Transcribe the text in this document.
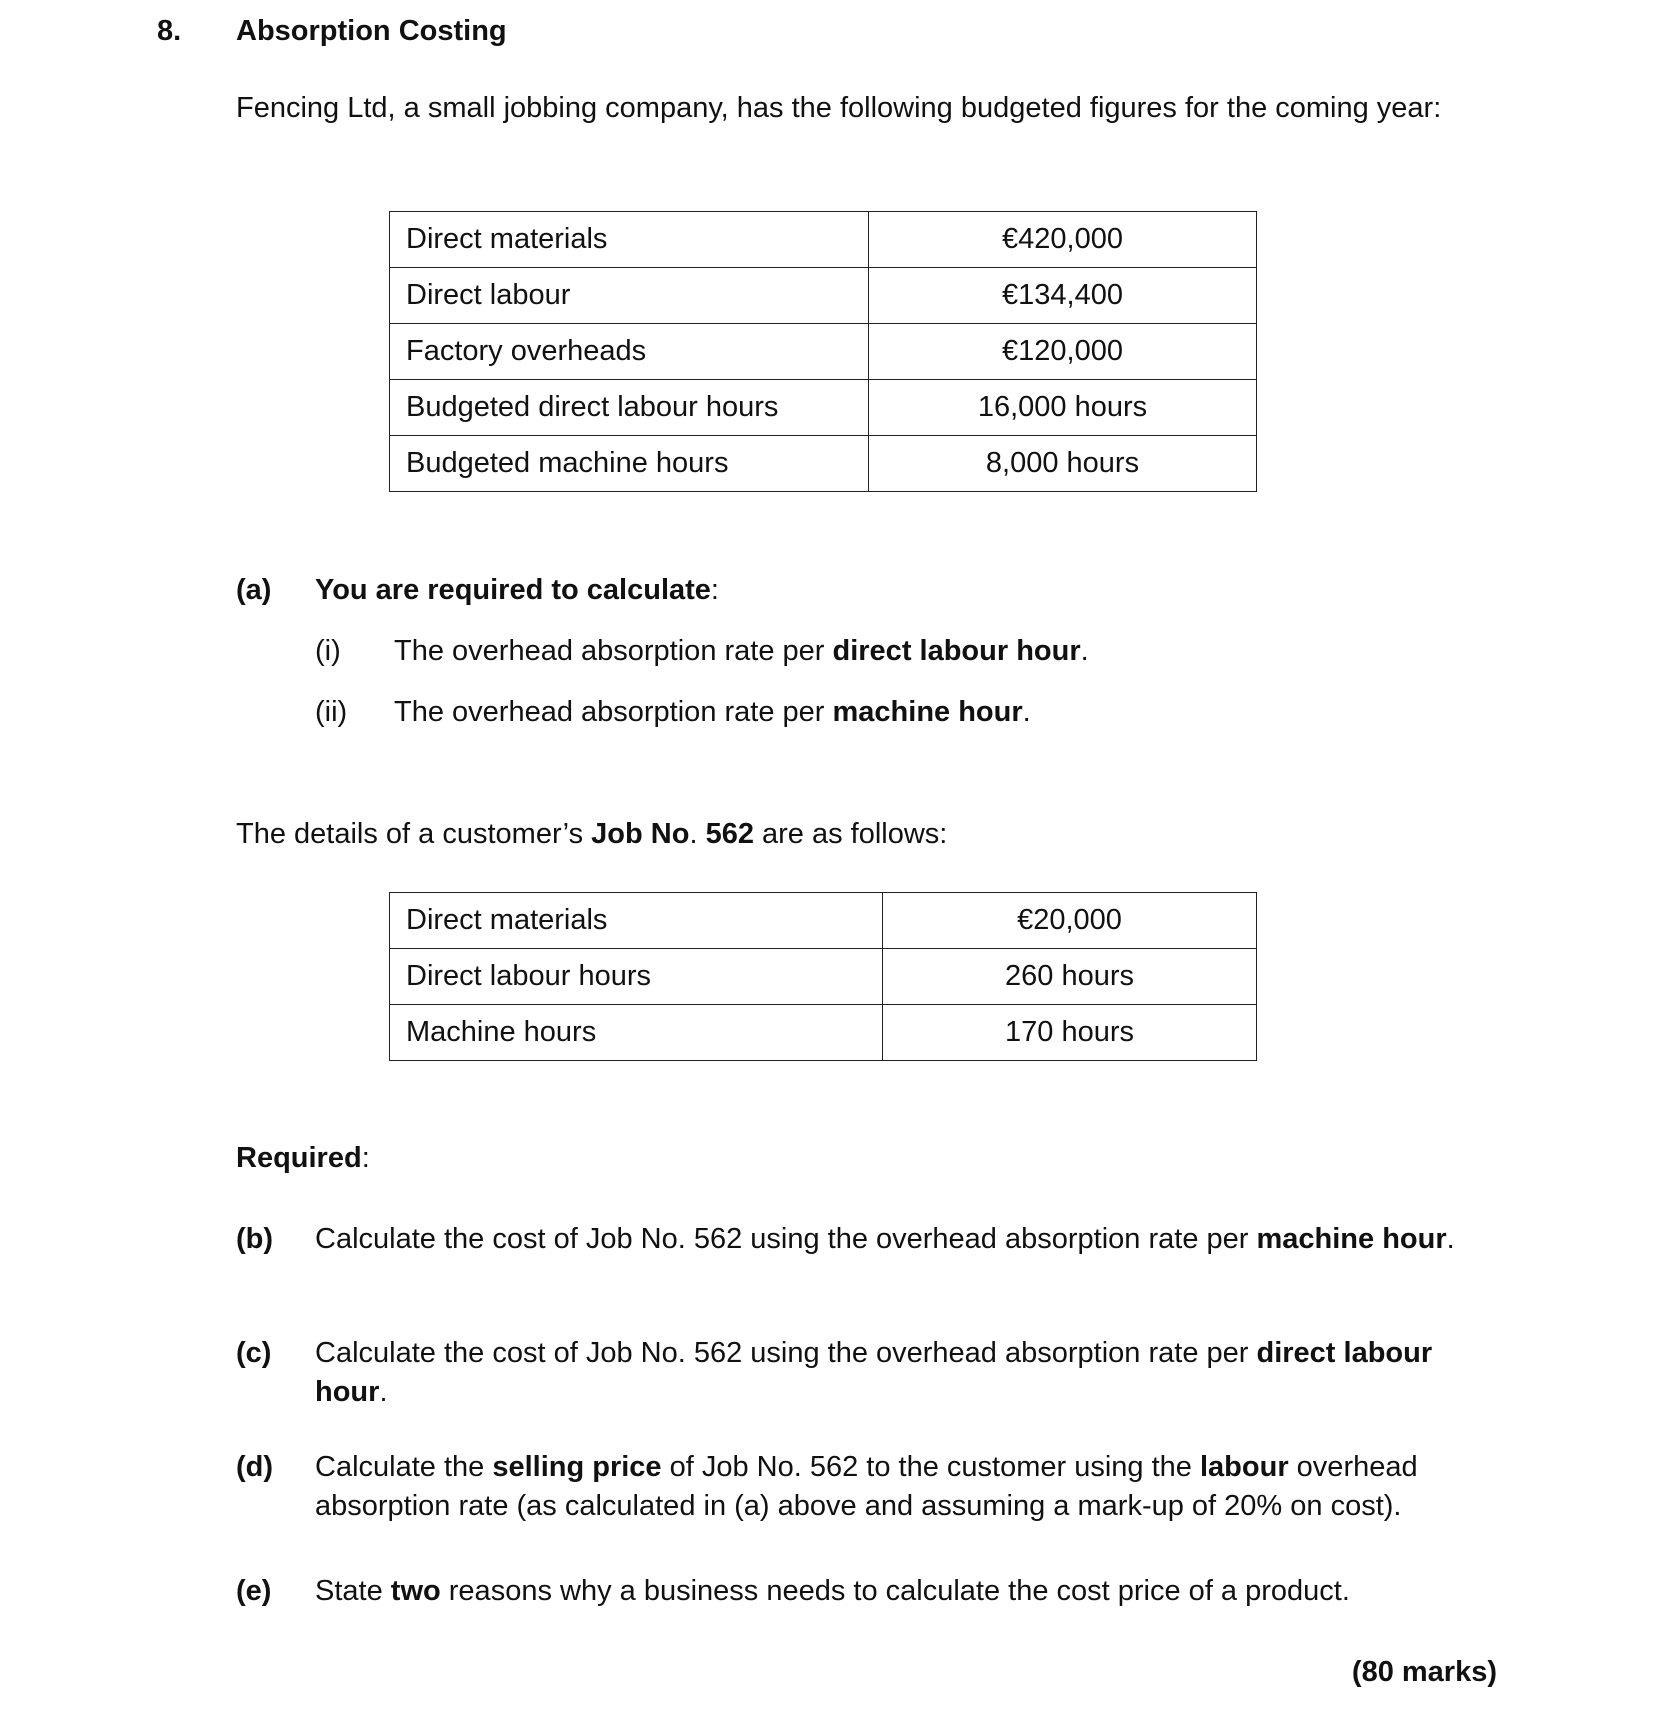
8. Absorption Costing
Fencing Ltd, a small jobbing company, has the following budgeted figures for the coming year:
Direct materials	€420,000
Direct labour	€134,400
Factory overheads	€120,000
Budgeted direct labour hours	16,000 hours
Budgeted machine hours	8,000 hours
(a) You are required to calculate:
(i) The overhead absorption rate per direct labour hour.
(ii) The overhead absorption rate per machine hour.
The details of a customer’s Job No. 562 are as follows:
Direct materials	€20,000
Direct labour hours	260 hours
Machine hours	170 hours
Required:
(b) Calculate the cost of Job No. 562 using the overhead absorption rate per machine hour.
(c) Calculate the cost of Job No. 562 using the overhead absorption rate per direct labour hour.
(d) Calculate the selling price of Job No. 562 to the customer using the labour overhead absorption rate (as calculated in (a) above and assuming a mark-up of 20% on cost).
(e) State two reasons why a business needs to calculate the cost price of a product.
(80 marks)
